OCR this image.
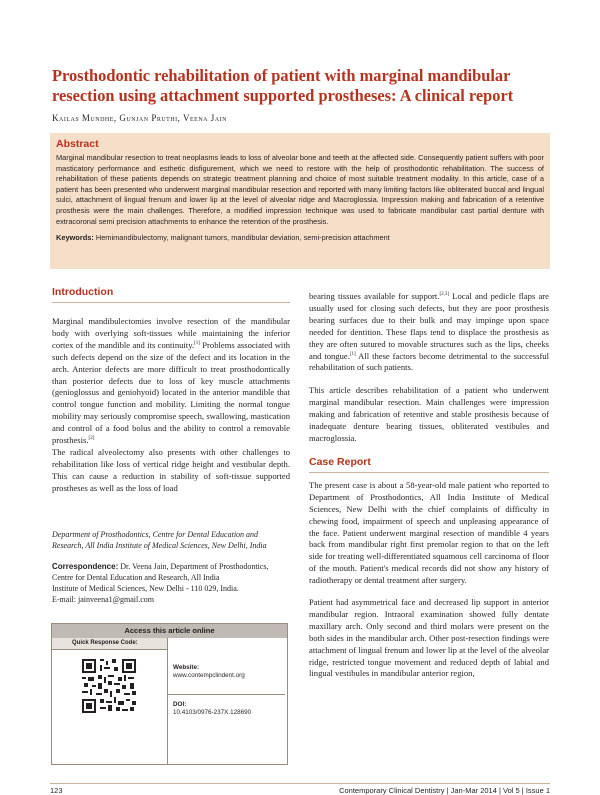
Prosthodontic rehabilitation of patient with marginal mandibular resection using attachment supported prostheses: A clinical report
Kailas Mundhe, Gunjan Pruthi, Veena Jain
Abstract

Marginal mandibular resection to treat neoplasms leads to loss of alveolar bone and teeth at the affected side. Consequently patient suffers with poor masticatory performance and esthetic disfigurement, which we need to restore with the help of prosthodontic rehabilitation. The success of rehabilitation of these patients depends on strategic treatment planning and choice of most suitable treatment modality. In this article, case of a patient has been presented who underwent marginal mandibular resection and reported with many limiting factors like obliterated buccal and lingual sulci, attachment of lingual frenum and lower lip at the level of alveolar ridge and Macroglossia. Impression making and fabrication of a retentive prosthesis were the main challenges. Therefore, a modified impression technique was used to fabricate mandibular cast partial denture with extracoronal semi precision attachments to enhance the retention of the prosthesis.

Keywords: Hemimandibulectomy, malignant tumors, mandibular deviation, semi-precision attachment

Introduction

Marginal mandibulectomies involve resection of the mandibular body with overlying soft-tissues while maintaining the inferior cortex of the mandible and its continuity.[1] Problems associated with such defects depend on the size of the defect and its location in the arch. Anterior defects are more difficult to treat prosthodontically than posterior defects due to loss of key muscle attachments (genioglossus and geniohyoid) located in the anterior mandible that control tongue function and mobility. Limiting the normal tongue mobility may seriously compromise speech, swallowing, mastication and control of a food bolus and the ability to control a removable prosthesis.[2]

The radical alveolectomy also presents with other challenges to rehabilitation like loss of vertical ridge height and vestibular depth. This can cause a reduction in stability of soft-tissue supported prostheses as well as the loss of load

Department of Prosthodontics, Centre for Dental Education and Research, All India Institute of Medical Sciences, New Delhi, India

Correspondence: Dr. Veena Jain, Department of Prosthodontics,

Centre for Dental Education and Research, All India

Institute of Medical Sciences, New Delhi - 110 029, India.

E-mail: jainveena1@gmail.com

Access this article online
Quick Response Code:

Website:

www.contempclindent.org

DOI:

10.4103/0976-237X.128690

bearing tissues available for support.[2,3] Local and pedicle flaps are usually used for closing such defects, but they are poor prosthesis bearing surfaces due to their bulk and may impinge upon space needed for dentition. These flaps tend to displace the prosthesis as they are often sutured to movable structures such as the lips, cheeks and tongue.[1] All these factors become detrimental to the successful rehabilitation of such patients.

This article describes rehabilitation of a patient who underwent marginal mandibular resection. Main challenges were impression making and fabrication of retentive and stable prosthesis because of inadequate denture bearing tissues, obliterated vestibules and macroglossia.

Case Report

The present case is about a 58-year-old male patient who reported to Department of Prosthodontics, All India Institute of Medical Sciences, New Delhi with the chief complaints of difficulty in chewing food, impairment of speech and unpleasing appearance of the face. Patient underwent marginal resection of mandible 4 years back from mandibular right first premolar region to that on the left side for treating well-differentiated squamous cell carcinoma of floor of the mouth. Patient's medical records did not show any history of radiotherapy or dental treatment after surgery.

Patient had asymmetrical face and decreased lip support in anterior mandibular region. Intraoral examination showed fully dentate maxillary arch. Only second and third molars were present on the both sides in the mandibular arch. Other post-resection findings were attachment of lingual frenum and lower lip at the level of the alveolar ridge, restricted tongue movement and reduced depth of labial and lingual vestibules in mandibular anterior region,

123	Contemporary Clinical Dentistry | Jan-Mar 2014 | Vol 5 | Issue 1
